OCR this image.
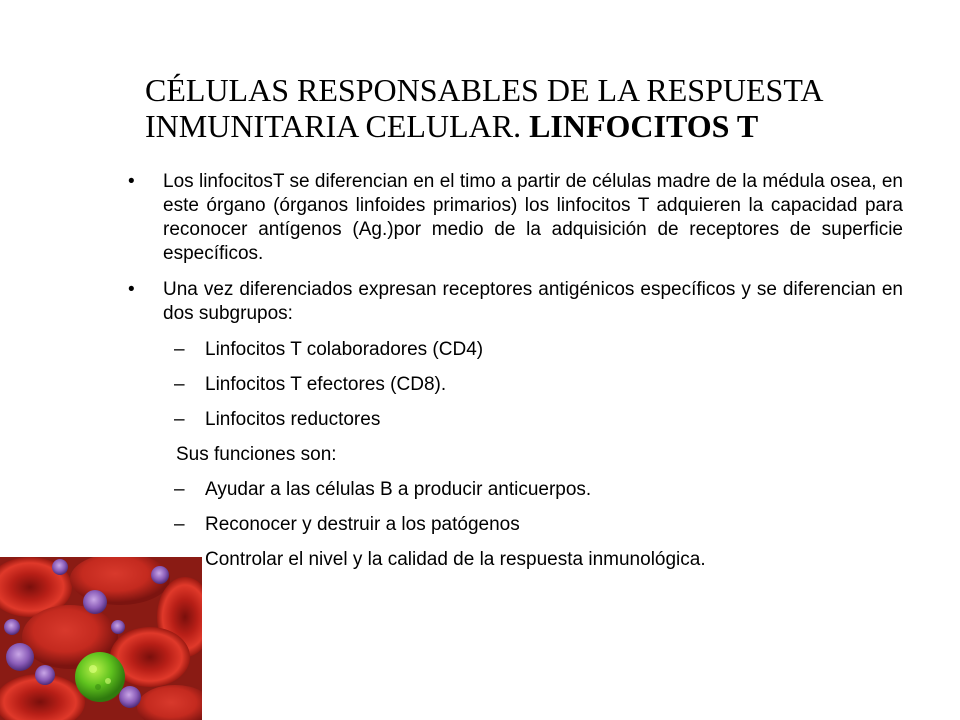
CÉLULAS RESPONSABLES DE LA RESPUESTA
INMUNITARIA CELULAR. LINFOCITOS T
• Los linfocitosT se diferencian en el timo a partir de células madre de la médula osea, en este órgano (órganos linfoides primarios) los linfocitos T adquieren la capacidad para reconocer antígenos (Ag.)por medio de la adquisición de receptores de superficie específicos.
• Una vez diferenciados expresan receptores antigénicos específicos y se diferencian en dos subgrupos:
– Linfocitos T colaboradores (CD4)
– Linfocitos T efectores (CD8).
– Linfocitos reductores
Sus funciones son:
– Ayudar a las células B a producir anticuerpos.
– Reconocer y destruir a los patógenos
Controlar el nivel y la calidad de la respuesta inmunológica.
